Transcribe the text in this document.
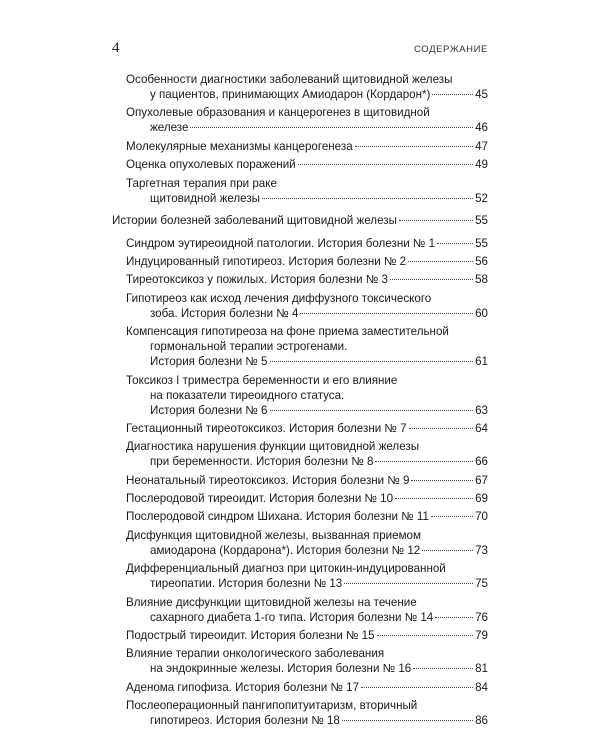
4	СОДЕРЖАНИЕ
Особенности диагностики заболеваний щитовидной железы
у пациентов, принимающих Амиодарон (Кордарон*)	45
Опухолевые образования и канцерогенез в щитовидной
железе	46
Молекулярные механизмы канцерогенеза	47
Оценка опухолевых поражений	49
Таргетная терапия при раке
щитовидной железы	52
Истории болезней заболеваний щитовидной железы	55
Синдром эутиреоидной патологии. История болезни № 1	55
Индуцированный гипотиреоз. История болезни № 2	56
Тиреотоксикоз у пожилых. История болезни № 3	58
Гипотиреоз как исход лечения диффузного токсического
зоба. История болезни № 4	60
Компенсация гипотиреоза на фоне приема заместительной
гормональной терапии эстрогенами.
История болезни № 5	61
Токсикоз I триместра беременности и его влияние
на показатели тиреоидного статуса.
История болезни № 6	63
Гестационный тиреотоксикоз. История болезни № 7	64
Диагностика нарушения функции щитовидной железы
при беременности. История болезни № 8	66
Неонатальный тиреотоксикоз. История болезни № 9	67
Послеродовой тиреоидит. История болезни № 10	69
Послеродовой синдром Шихана. История болезни № 11	70
Дисфункция щитовидной железы, вызванная приемом
амиодарона (Кордарона*). История болезни № 12	73
Дифференциальный диагноз при цитокин-индуцированной
тиреопатии. История болезни № 13	75
Влияние дисфункции щитовидной железы на течение
сахарного диабета 1-го типа. История болезни № 14	76
Подострый тиреоидит. История болезни № 15	79
Влияние терапии онкологического заболевания
на эндокринные железы. История болезни № 16	81
Аденома гипофиза. История болезни № 17	84
Послеоперационный пангипопитуитаризм, вторичный
гипотиреоз. История болезни № 18	86
